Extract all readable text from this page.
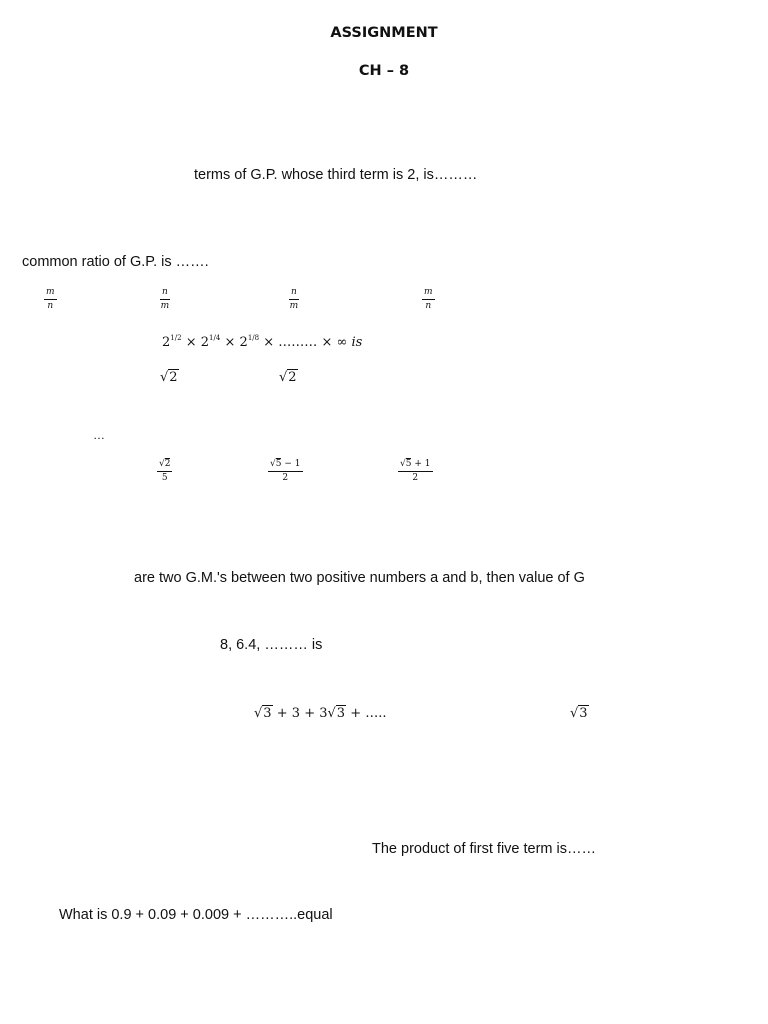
ASSIGNMENT
CH – 8
terms of G.P. whose third term is 2, is………
common ratio of G.P. is …….
$\frac{m}{n}$	$\frac{n}{m}$	$\frac{n}{m}$	$\frac{m}{n}$
$2^{1/2} \times 2^{1/4} \times 2^{1/8}$ × ……… × ∞ is
√2	√2
…
$\frac{√2}{5}$	$\frac{√5 - 1}{2}$	$\frac{√5 + 1}{2}$
are two G.M.'s between two positive numbers a and b, then value of G
8, 6.4, ……… is
√3 + 3 + 3√3 + …..	√3
The product of first five term is……
What is 0.9 + 0.09 + 0.009 + ………..equal
